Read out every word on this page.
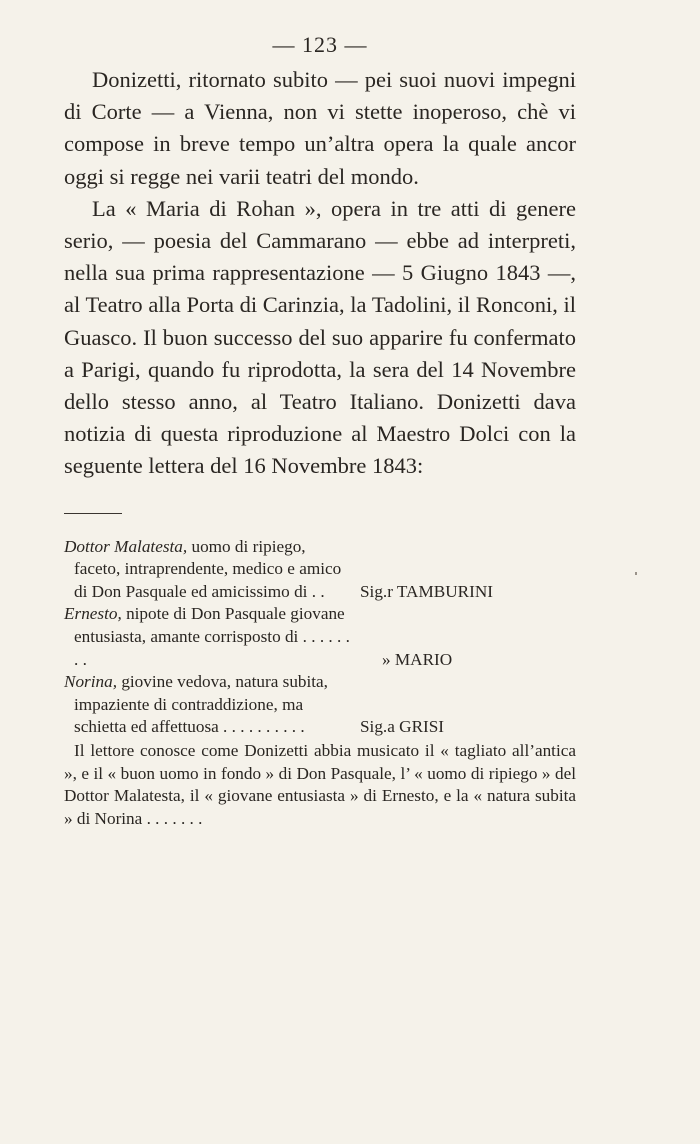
— 123 —

Donizetti, ritornato subito — pei suoi nuovi impegni di Corte — a Vienna, non vi stette inoperoso, chè vi compose in breve tempo un’altra opera la quale ancor oggi si regge nei varii teatri del mondo.

La « Maria di Rohan », opera in tre atti di genere serio, — poesia del Cammarano — ebbe ad interpreti, nella sua prima rappresentazione — 5 Giugno 1843 —, al Teatro alla Porta di Carinzia, la Tadolini, il Ronconi, il Guasco. Il buon successo del suo apparire fu confermato a Parigi, quando fu riprodotta, la sera del 14 Novembre dello stesso anno, al Teatro Italiano. Donizetti dava notizia di questa riproduzione al Maestro Dolci con la seguente lettera del 16 Novembre 1843:

Dottor Malatesta, uomo di ripiego, faceto, intraprendente, medico e amico di Don Pasquale ed amicissimo di . .	Sig.r TAMBURINI
Ernesto, nipote di Don Pasquale giovane entusiasta, amante corrisposto di . . . . . . . .	» MARIO
Norina, giovine vedova, natura subita, impaziente di contraddizione, ma schietta ed affettuosa . . . . . . . . . .	Sig.a GRISI
Il lettore conosce come Donizetti abbia musicato il « tagliato all’antica », e il « buon uomo in fondo » di Don Pasquale, l’ « uomo di ripiego » del Dottor Malatesta, il « giovane entusiasta » di Ernesto, e la « natura subita » di Norina . . . . . . .
